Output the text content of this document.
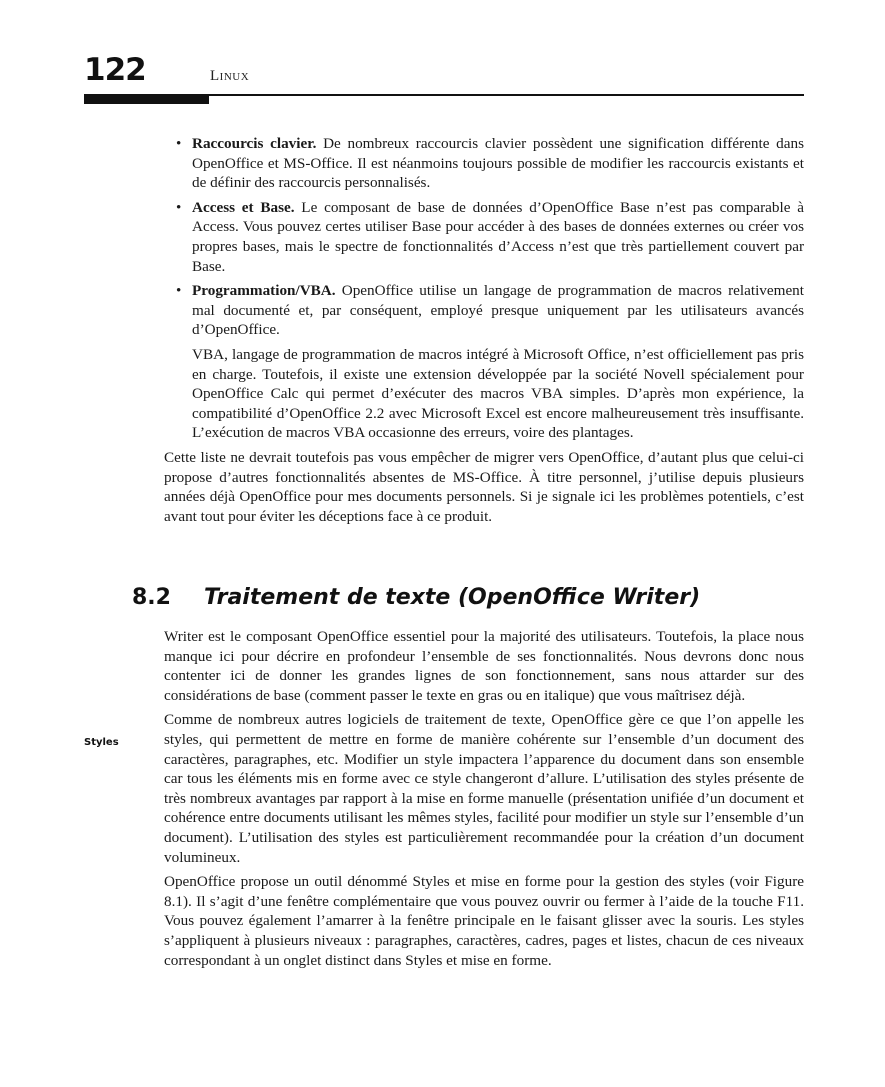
122	Linux
• Raccourcis clavier. De nombreux raccourcis clavier possèdent une signification différente dans OpenOffice et MS-Office. Il est néanmoins toujours possible de modifier les raccourcis existants et de définir des raccourcis personnalisés.
• Access et Base. Le composant de base de données d’OpenOffice Base n’est pas comparable à Access. Vous pouvez certes utiliser Base pour accéder à des bases de données externes ou créer vos propres bases, mais le spectre de fonctionnalités d’Access n’est que très partiellement couvert par Base.
• Programmation/VBA. OpenOffice utilise un langage de programmation de macros relativement mal documenté et, par conséquent, employé presque uniquement par les utilisateurs avancés d’OpenOffice.

VBA, langage de programmation de macros intégré à Microsoft Office, n’est officiellement pas pris en charge. Toutefois, il existe une extension développée par la société Novell spécialement pour OpenOffice Calc qui permet d’exécuter des macros VBA simples. D’après mon expérience, la compatibilité d’OpenOffice 2.2 avec Microsoft Excel est encore malheureusement très insuffisante. L’exécution de macros VBA occasionne des erreurs, voire des plantages.

Cette liste ne devrait toutefois pas vous empêcher de migrer vers OpenOffice, d’autant plus que celui-ci propose d’autres fonctionnalités absentes de MS-Office. À titre personnel, j’utilise depuis plusieurs années déjà OpenOffice pour mes documents personnels. Si je signale ici les problèmes potentiels, c’est avant tout pour éviter les déceptions face à ce produit.

8.2 Traitement de texte (OpenOffice Writer)
Styles

Writer est le composant OpenOffice essentiel pour la majorité des utilisateurs. Toutefois, la place nous manque ici pour décrire en profondeur l’ensemble de ses fonctionnalités. Nous devrons donc nous contenter ici de donner les grandes lignes de son fonctionnement, sans nous attarder sur des considérations de base (comment passer le texte en gras ou en italique) que vous maîtrisez déjà.

Comme de nombreux autres logiciels de traitement de texte, OpenOffice gère ce que l’on appelle les styles, qui permettent de mettre en forme de manière cohérente sur l’ensemble d’un document des caractères, paragraphes, etc. Modifier un style impactera l’apparence du document dans son ensemble car tous les éléments mis en forme avec ce style changeront d’allure. L’utilisation des styles présente de très nombreux avantages par rapport à la mise en forme manuelle (présentation unifiée d’un document et cohérence entre documents utilisant les mêmes styles, facilité pour modifier un style sur l’ensemble d’un document). L’utilisation des styles est particulièrement recommandée pour la création d’un document volumineux.

OpenOffice propose un outil dénommé Styles et mise en forme pour la gestion des styles (voir Figure 8.1). Il s’agit d’une fenêtre complémentaire que vous pouvez ouvrir ou fermer à l’aide de la touche F11. Vous pouvez également l’amarrer à la fenêtre principale en le faisant glisser avec la souris. Les styles s’appliquent à plusieurs niveaux : paragraphes, caractères, cadres, pages et listes, chacun de ces niveaux correspondant à un onglet distinct dans Styles et mise en forme.
